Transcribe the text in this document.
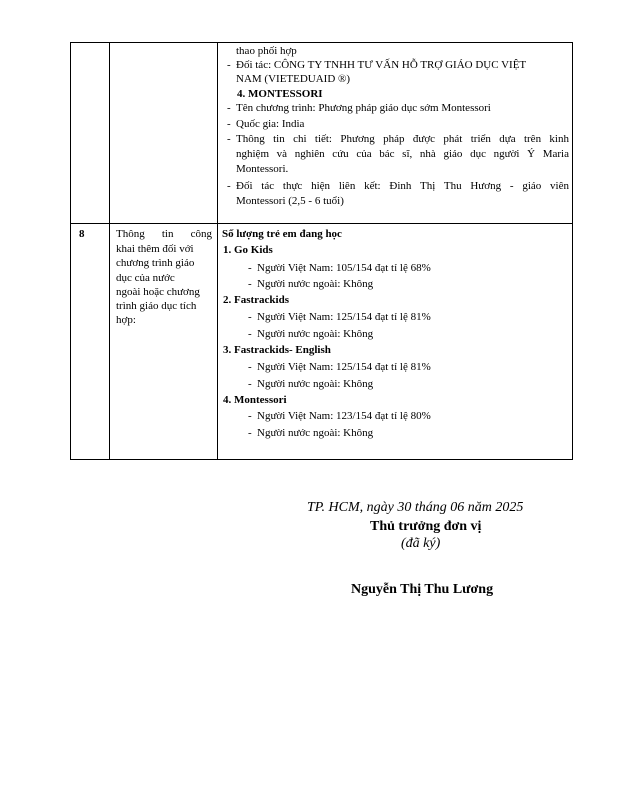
thao phối hợp
- Đối tác: CÔNG TY TNHH TƯ VẤN HỖ TRỢ GIÁO DỤC VIỆT
NAM (VIETEDUAID ®)
4. MONTESSORI
- Tên chương trình: Phương pháp giáo dục sớm Montessori
- Quốc gia: India
- Thông tin chi tiết: Phương pháp được phát triển dựa trên kinh
nghiệm và nghiên cứu của bác sĩ, nhà giáo dục người Ý Maria
Montessori.
- Đối tác thực hiện liên kết: Đinh Thị Thu Hương - giáo viên
Montessori (2,5 - 6 tuổi)
8	Thông tin công
khai thêm đối với
chương trình giáo
dục của nước
ngoài hoặc chương
trình giáo dục tích
hợp:
Số lượng trẻ em đang học
1. Go Kids
- Người Việt Nam: 105/154 đạt tỉ lệ 68%
- Người nước ngoài: Không
2. Fastrackids
- Người Việt Nam: 125/154 đạt tỉ lệ 81%
- Người nước ngoài: Không
3. Fastrackids- English
- Người Việt Nam: 125/154 đạt tỉ lệ 81%
- Người nước ngoài: Không
4. Montessori
- Người Việt Nam: 123/154 đạt tỉ lệ 80%
- Người nước ngoài: Không
TP. HCM, ngày 30 tháng 06 năm 2025
Thủ trưởng đơn vị
(đã ký)
Nguyễn Thị Thu Lương
